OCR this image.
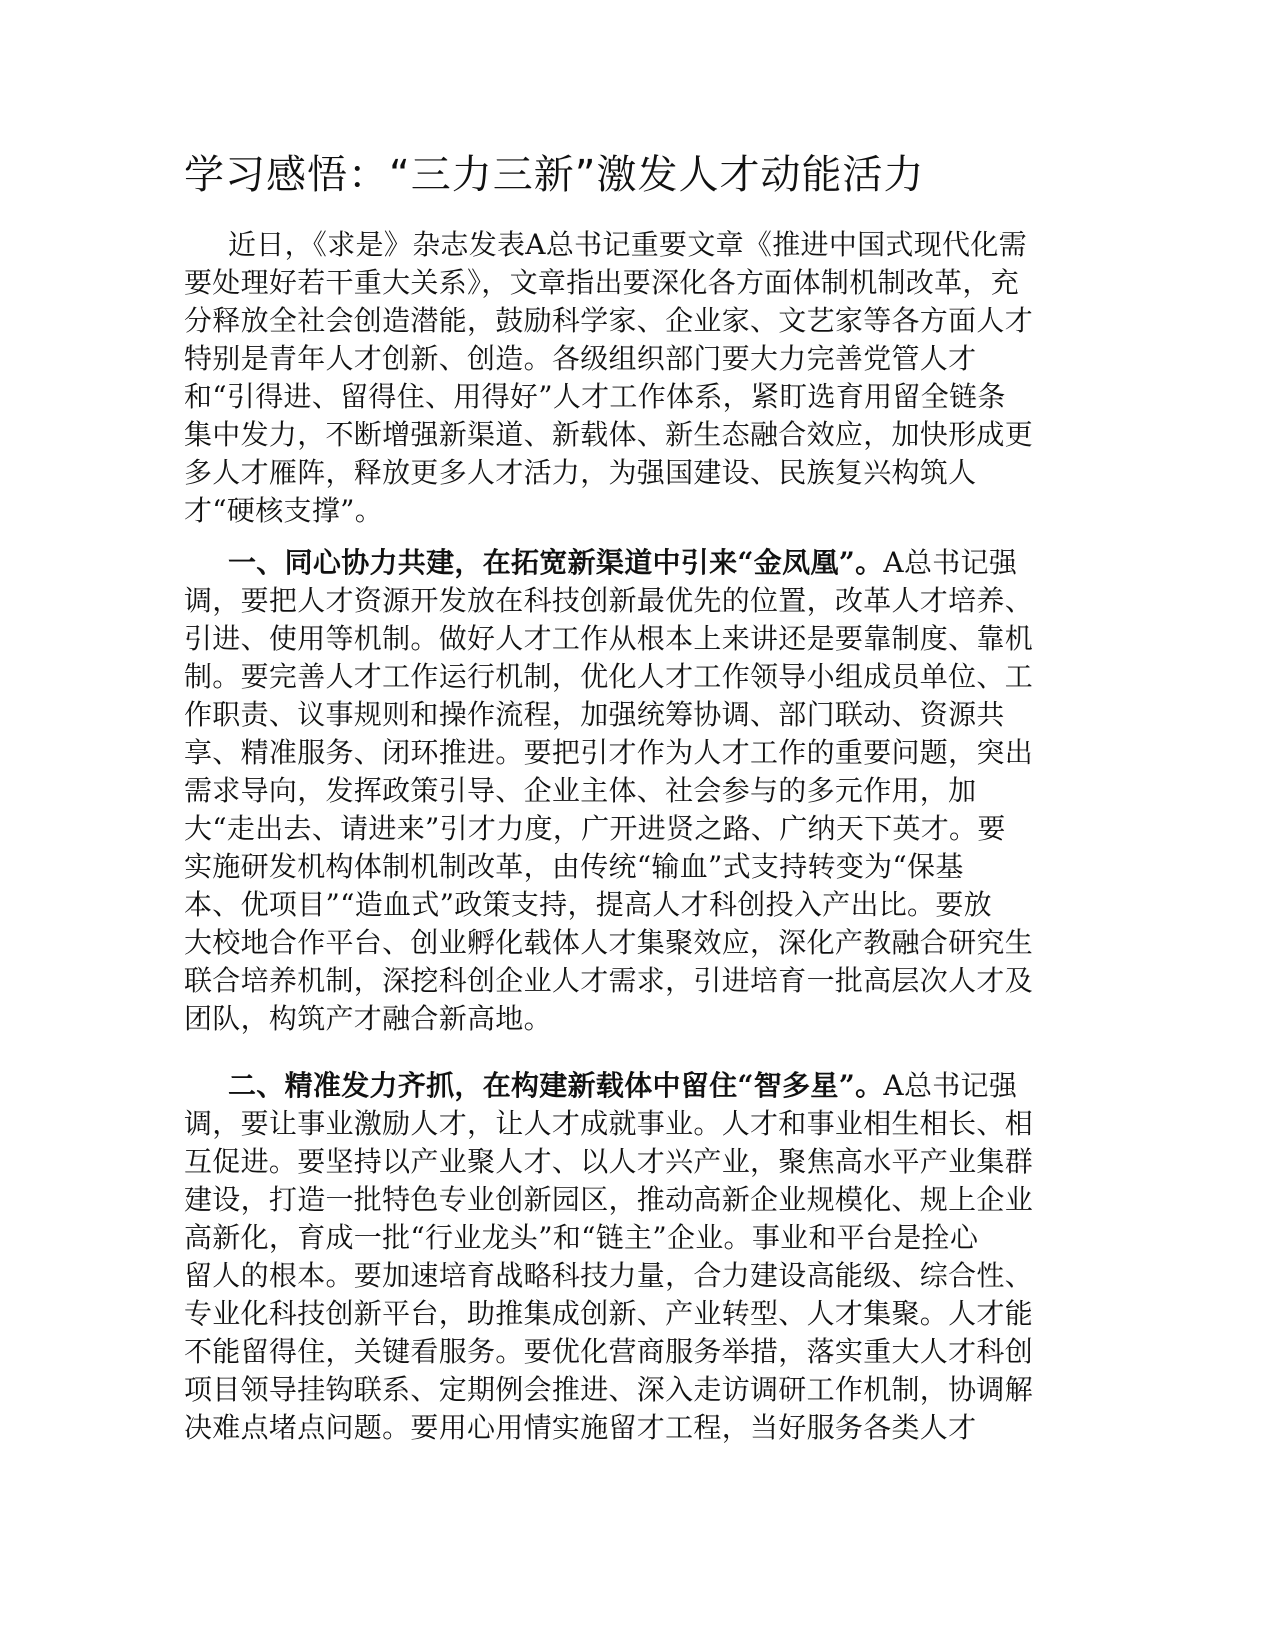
学习感悟：“三力三新”激发人才动能活力

近日，《求是》杂志发表A总书记重要文章《推进中国式现代化需
要处理好若干重大关系》，文章指出要深化各方面体制机制改革，充
分释放全社会创造潜能，鼓励科学家、企业家、文艺家等各方面人才
特别是青年人才创新、创造。各级组织部门要大力完善党管人才
和“引得进、留得住、用得好”人才工作体系，紧盯选育用留全链条
集中发力，不断增强新渠道、新载体、新生态融合效应，加快形成更
多人才雁阵，释放更多人才活力，为强国建设、民族复兴构筑人
才“硬核支撑”。

一、同心协力共建，在拓宽新渠道中引来“金凤凰”。A总书记强
调，要把人才资源开发放在科技创新最优先的位置，改革人才培养、
引进、使用等机制。做好人才工作从根本上来讲还是要靠制度、靠机
制。要完善人才工作运行机制，优化人才工作领导小组成员单位、工
作职责、议事规则和操作流程，加强统筹协调、部门联动、资源共
享、精准服务、闭环推进。要把引才作为人才工作的重要问题，突出
需求导向，发挥政策引导、企业主体、社会参与的多元作用，加
大“走出去、请进来”引才力度，广开进贤之路、广纳天下英才。要
实施研发机构体制机制改革，由传统“输血”式支持转变为“保基
本、优项目”“造血式”政策支持，提高人才科创投入产出比。要放
大校地合作平台、创业孵化载体人才集聚效应，深化产教融合研究生
联合培养机制，深挖科创企业人才需求，引进培育一批高层次人才及
团队，构筑产才融合新高地。

二、精准发力齐抓，在构建新载体中留住“智多星”。A总书记强
调，要让事业激励人才，让人才成就事业。人才和事业相生相长、相
互促进。要坚持以产业聚人才、以人才兴产业，聚焦高水平产业集群
建设，打造一批特色专业创新园区，推动高新企业规模化、规上企业
高新化，育成一批“行业龙头”和“链主”企业。事业和平台是拴心
留人的根本。要加速培育战略科技力量，合力建设高能级、综合性、
专业化科技创新平台，助推集成创新、产业转型、人才集聚。人才能
不能留得住，关键看服务。要优化营商服务举措，落实重大人才科创
项目领导挂钩联系、定期例会推进、深入走访调研工作机制，协调解
决难点堵点问题。要用心用情实施留才工程，当好服务各类人才
